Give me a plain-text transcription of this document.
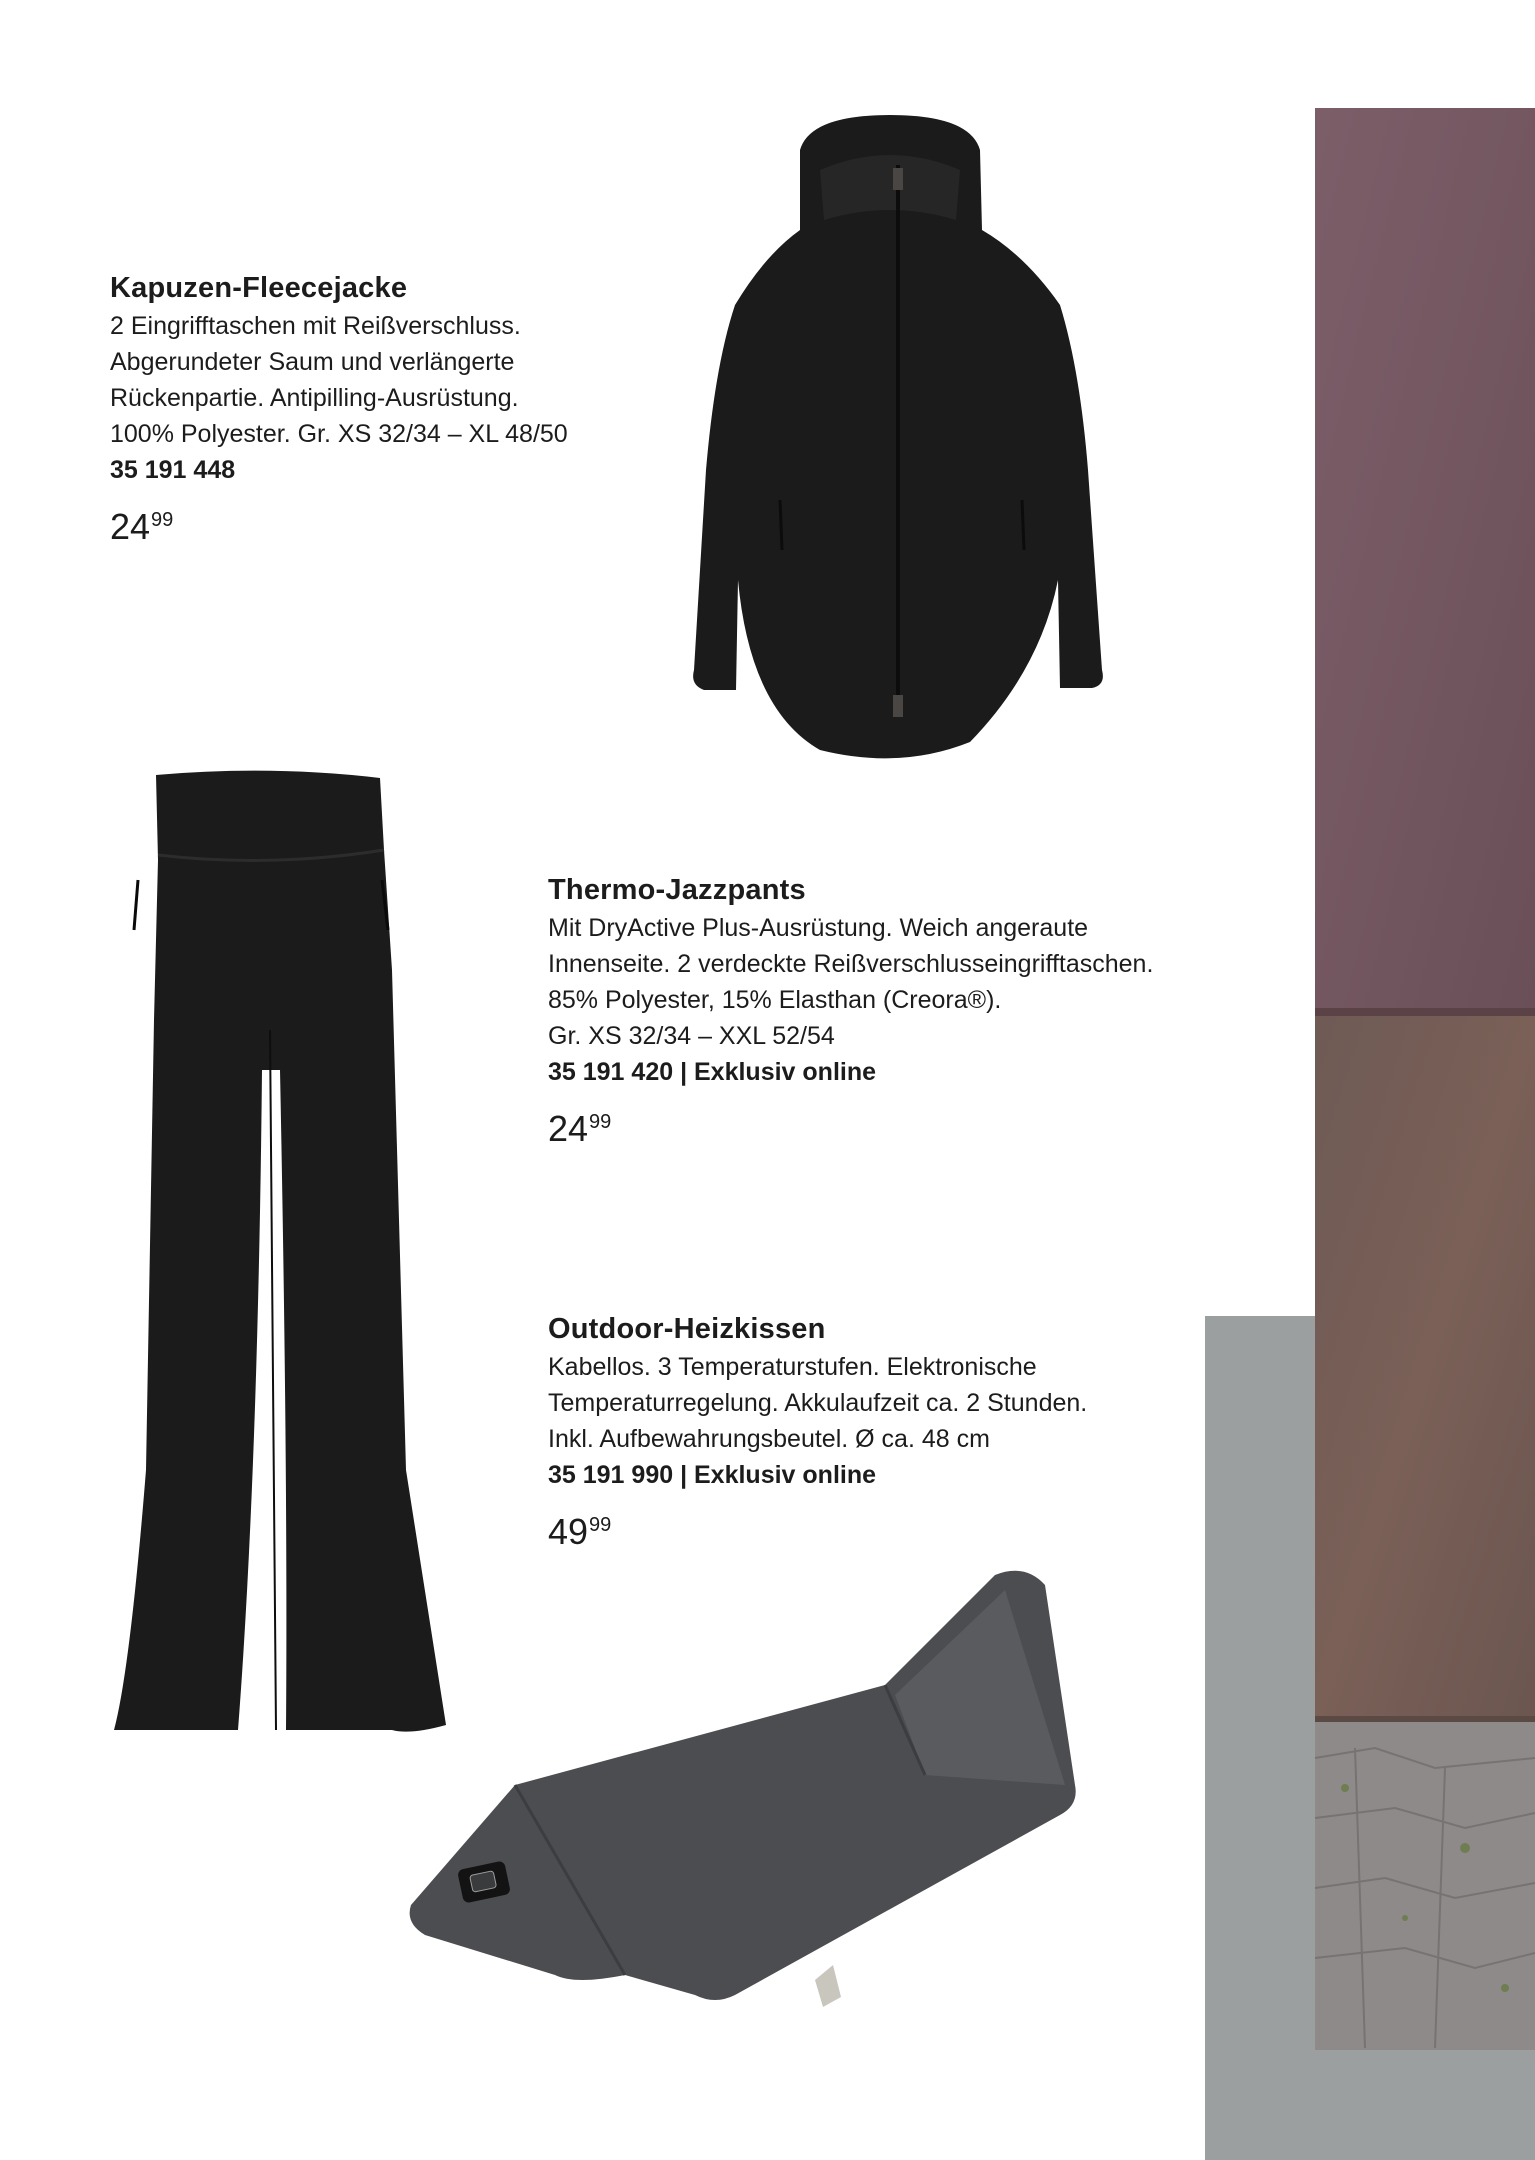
Kapuzen-Fleecejacke
2 Eingrifftaschen mit Reißverschluss.
Abgerundeter Saum und verlängerte
Rückenpartie. Antipilling-Ausrüstung.
100% Polyester. Gr. XS 32/34 – XL 48/50
35 191 448
$24^{99}$
Thermo-Jazzpants
Mit DryActive Plus-Ausrüstung. Weich angeraute
Innenseite. 2 verdeckte Reißverschlusseingrifftaschen.
85% Polyester, 15% Elasthan (Creora®).
Gr. XS 32/34 – XXL 52/54
35 191 420 | Exklusiv online
$24^{99}$
Outdoor-Heizkissen
Kabellos. 3 Temperaturstufen. Elektronische
Temperaturregelung. Akkulaufzeit ca. 2 Stunden.
Inkl. Aufbewahrungsbeutel. Ø ca. 48 cm
35 191 990 | Exklusiv online
$49^{99}$
